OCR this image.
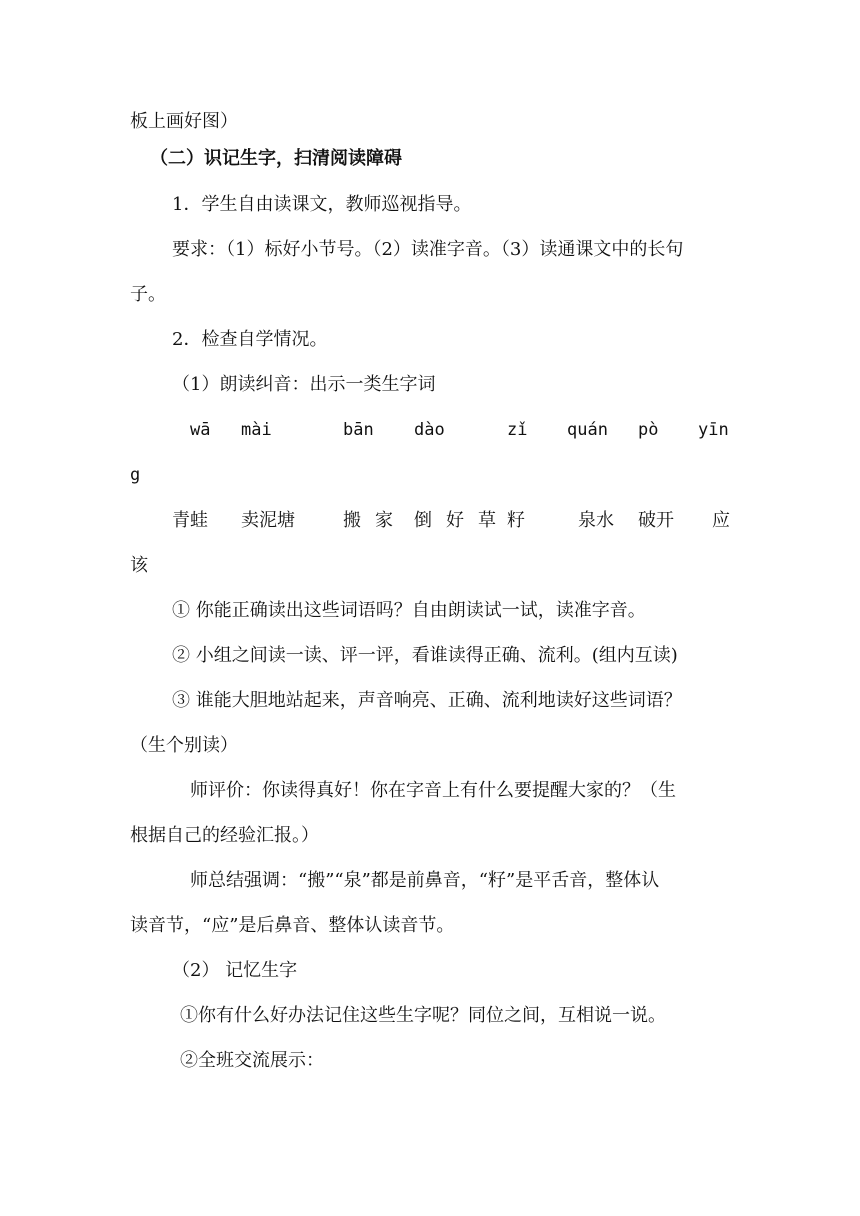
板上画好图）
（二）识记生字，扫清阅读障碍
1．学生自由读课文，教师巡视指导。
要求：（1）标好小节号。（2）读准字音。（3）读通课文中的长句
子。
2．检查自学情况。
（1）朗读纠音：出示一类生字词
wā mài	bān dào	zǐ quán pò yīn
g
青蛙 卖泥塘	搬 家 倒 好 草 籽	泉水 破开 应
该
① 你能正确读出这些词语吗？自由朗读试一试，读准字音。
② 小组之间读一读、评一评，看谁读得正确、流利。(组内互读)
③ 谁能大胆地站起来，声音响亮、正确、流利地读好这些词语？
（生个别读）
师评价：你读得真好！你在字音上有什么要提醒大家的？（生
根据自己的经验汇报。）
师总结强调：“搬”“泉”都是前鼻音，“籽”是平舌音，整体认
读音节，“应”是后鼻音、整体认读音节。
（2） 记忆生字
①你有什么好办法记住这些生字呢？同位之间，互相说一说。
②全班交流展示：
